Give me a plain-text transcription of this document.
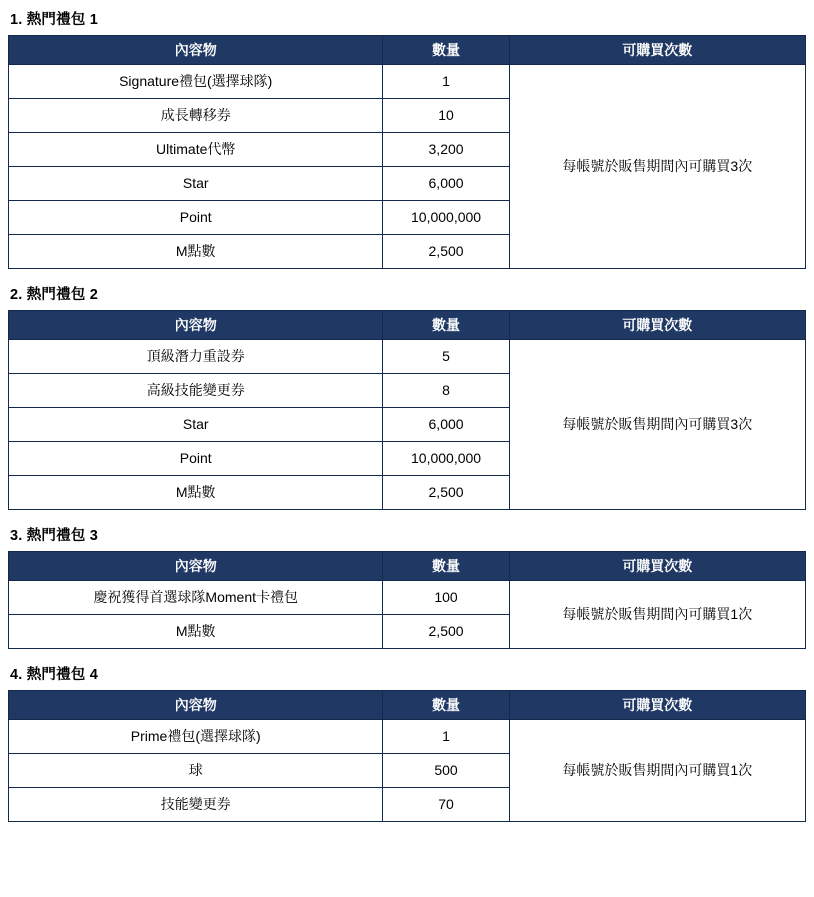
1. 熱門禮包 1
內容物	數量	可購買次數
Signature禮包(選擇球隊)	1	每帳號於販售期間內可購買3次
成長轉移券	10	
Ultimate代幣	3,200	
Star	6,000	
Point	10,000,000	
M點數	2,500	
2. 熱門禮包 2
內容物	數量	可購買次數
頂級潛力重設券	5	每帳號於販售期間內可購買3次
高級技能變更券	8	
Star	6,000	
Point	10,000,000	
M點數	2,500	
3. 熱門禮包 3
內容物	數量	可購買次數
慶祝獲得首選球隊Moment卡禮包	100	每帳號於販售期間內可購買1次
M點數	2,500	
4. 熱門禮包 4
內容物	數量	可購買次數
Prime禮包(選擇球隊)	1	每帳號於販售期間內可購買1次
球	500	
技能變更券	70	
